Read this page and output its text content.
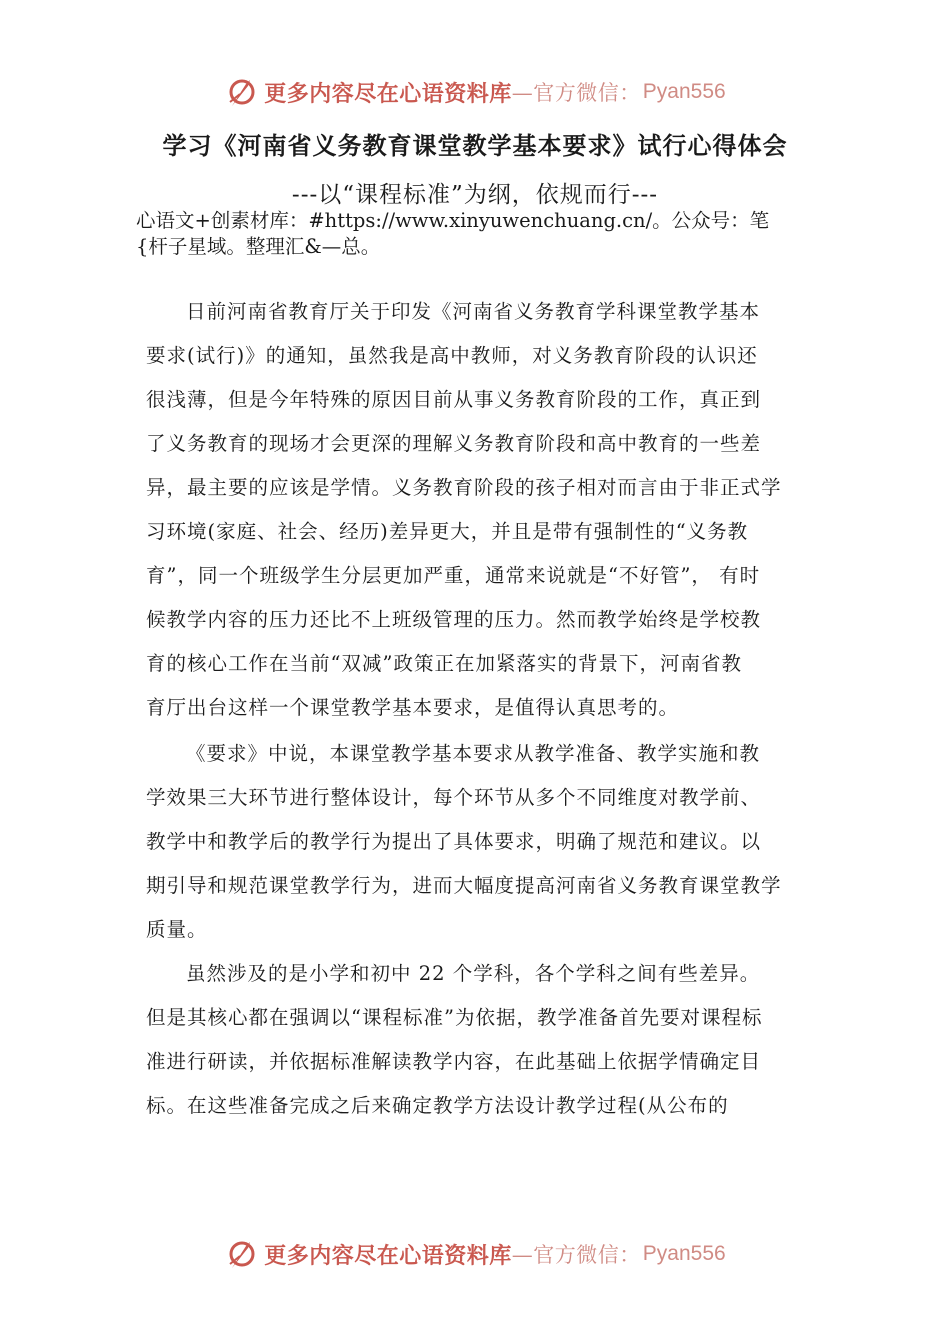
更多内容尽在心语资料库 —官方微信： Pyan556
学习《河南省义务教育课堂教学基本要求》试行心得体会
---以“课程标准”为纲，依规而行---
心语文+创素材库：#https://www.xinyuwenchuang.cn/。公众号：笔
{杆子星域。整理汇&—总。
日前河南省教育厅关于印发《河南省义务教育学科课堂教学基本
要求(试行)》的通知，虽然我是高中教师，对义务教育阶段的认识还
很浅薄，但是今年特殊的原因目前从事义务教育阶段的工作，真正到
了义务教育的现场才会更深的理解义务教育阶段和高中教育的一些差
异，最主要的应该是学情。义务教育阶段的孩子相对而言由于非正式学
习环境(家庭、社会、经历)差异更大，并且是带有强制性的“义务教
育”，同一个班级学生分层更加严重，通常来说就是“不好管”， 有时
候教学内容的压力还比不上班级管理的压力。然而教学始终是学校教
育的核心工作在当前“双减”政策正在加紧落实的背景下，河南省教
育厅出台这样一个课堂教学基本要求，是值得认真思考的。
《要求》中说，本课堂教学基本要求从教学准备、教学实施和教
学效果三大环节进行整体设计，每个环节从多个不同维度对教学前、
教学中和教学后的教学行为提出了具体要求，明确了规范和建议。以
期引导和规范课堂教学行为，进而大幅度提高河南省义务教育课堂教学
质量。
虽然涉及的是小学和初中 22 个学科，各个学科之间有些差异。
但是其核心都在强调以“课程标准”为依据，教学准备首先要对课程标
准进行研读，并依据标准解读教学内容，在此基础上依据学情确定目
标。在这些准备完成之后来确定教学方法设计教学过程(从公布的
更多内容尽在心语资料库 —官方微信： Pyan556
